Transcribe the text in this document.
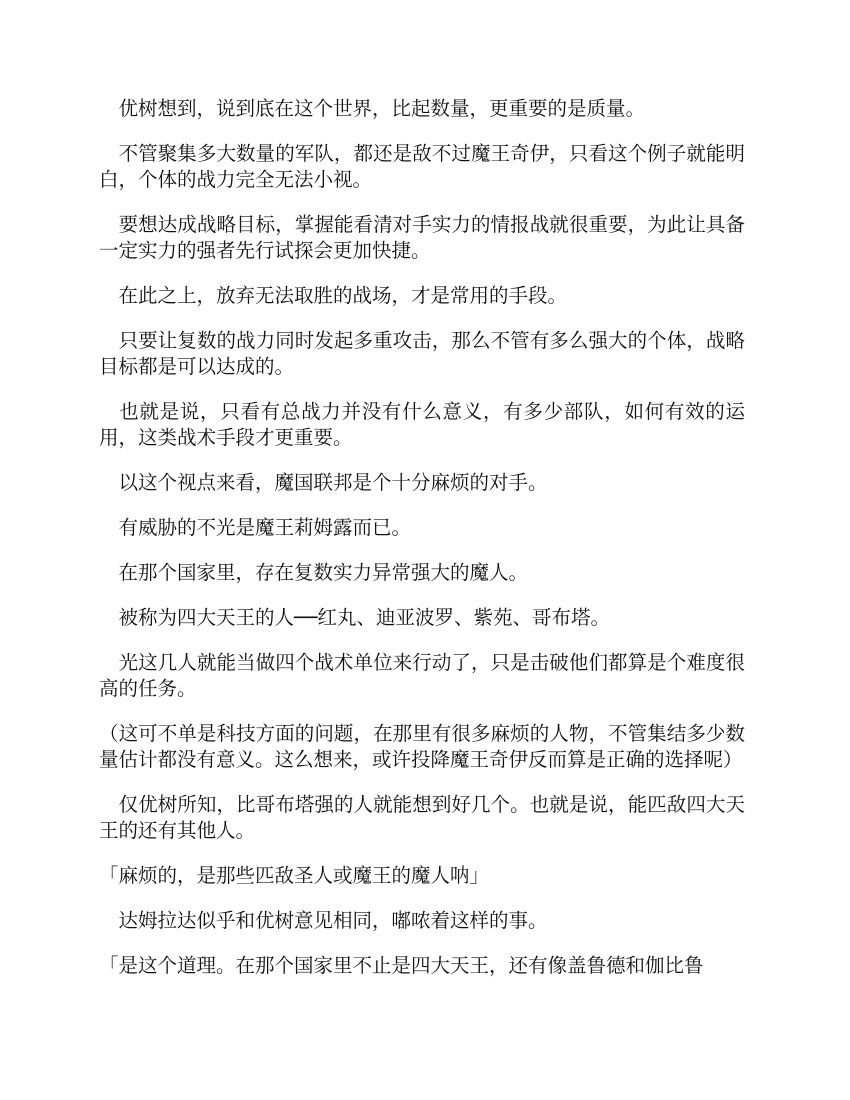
　优树想到，说到底在这个世界，比起数量，更重要的是质量。

　不管聚集多大数量的军队，都还是敌不过魔王奇伊，只看这个例子就能明白，个体的战力完全无法小视。

　要想达成战略目标，掌握能看清对手实力的情报战就很重要，为此让具备一定实力的强者先行试探会更加快捷。

　在此之上，放弃无法取胜的战场，才是常用的手段。

　只要让复数的战力同时发起多重攻击，那么不管有多么强大的个体，战略目标都是可以达成的。

　也就是说，只看有总战力并没有什么意义，有多少部队，如何有效的运用，这类战术手段才更重要。

　以这个视点来看，魔国联邦是个十分麻烦的对手。

　有威胁的不光是魔王莉姆露而已。

　在那个国家里，存在复数实力异常强大的魔人。

　被称为四大天王的人──红丸、迪亚波罗、紫苑、哥布塔。

　光这几人就能当做四个战术单位来行动了，只是击破他们都算是个难度很高的任务。

（这可不单是科技方面的问题，在那里有很多麻烦的人物，不管集结多少数量估计都没有意义。这么想来，或许投降魔王奇伊反而算是正确的选择呢）

　仅优树所知，比哥布塔强的人就能想到好几个。也就是说，能匹敌四大天王的还有其他人。

「麻烦的，是那些匹敌圣人或魔王的魔人呐」

　达姆拉达似乎和优树意见相同，嘟哝着这样的事。

「是这个道理。在那个国家里不止是四大天王，还有像盖鲁德和伽比鲁
